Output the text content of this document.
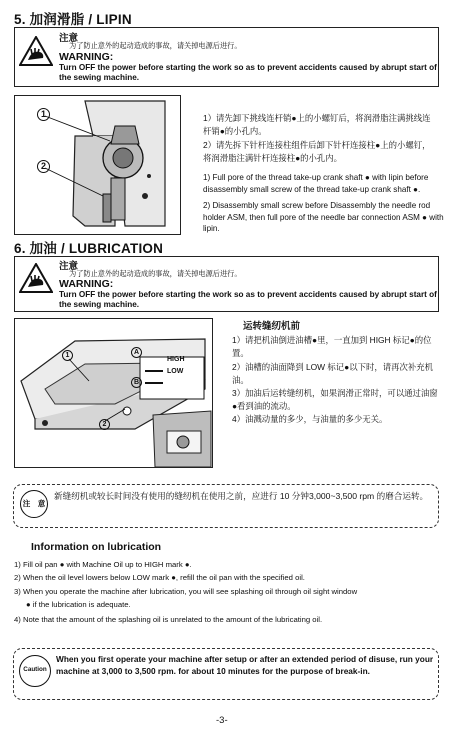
5. 加润滑脂 / LIPIN
注意
为了防止意外的起动造成的事故，请关掉电源后进行。
WARNING:
Turn OFF the power before starting the work so as to prevent accidents caused by abrupt start of the sewing machine.
1
2
1）请先卸下挑线连杆销●上的小螺钉后，将润滑脂注满挑线连杆销●的小孔内。
2）请先拆下针杆连接柱组件后卸下针杆连接柱●上的小螺钉，将润滑脂注满针杆连接柱●的小孔内。
1) Full pore of the thread take-up crank shaft ● with lipin before disassembly small screw of the thread take-up crank shaft ●.
2) Disassembly small screw before Disassembly the needle rod holder ASM, then full pore of the needle bar connection ASM ● with lipin.
6. 加油 / LUBRICATION
注意
为了防止意外的起动造成的事故，请关掉电源后进行。
WARNING:
Turn OFF the power before starting the work so as to prevent accidents caused by abrupt start of the sewing machine.
HIGH
LOW
A
B
1
2
运转缝纫机前
1）请把机油倒进油槽●里，一直加到 HIGH 标记●的位置。
2）油槽的油面降到 LOW 标记●以下时，请再次补充机油。
3）加油后运转缝纫机，如果润滑正常时，可以通过油窗●看到油的流动。
4）油溅动量的多少，与油量的多少无关。
注　意
新缝纫机或较长时间没有使用的缝纫机在使用之前，应进行 10 分钟3,000~3,500 rpm 的磨合运转。
Information on lubrication
1) Fill oil pan ● with Machine Oil up to HIGH mark ●.
2) When the oil level lowers below LOW mark ●, refill the oil pan with the specified oil.
3) When you operate the machine after lubrication, you will see splashing oil through oil sight window
● if the lubrication is adequate.
4) Note that the amount of the splashing oil is unrelated to the amount of the lubricating oil.
Caution
When you first operate your machine after setup or after an extended period of disuse, run your machine at 3,000 to 3,500 rpm. for about 10 minutes for the purpose of break-in.
-3-
